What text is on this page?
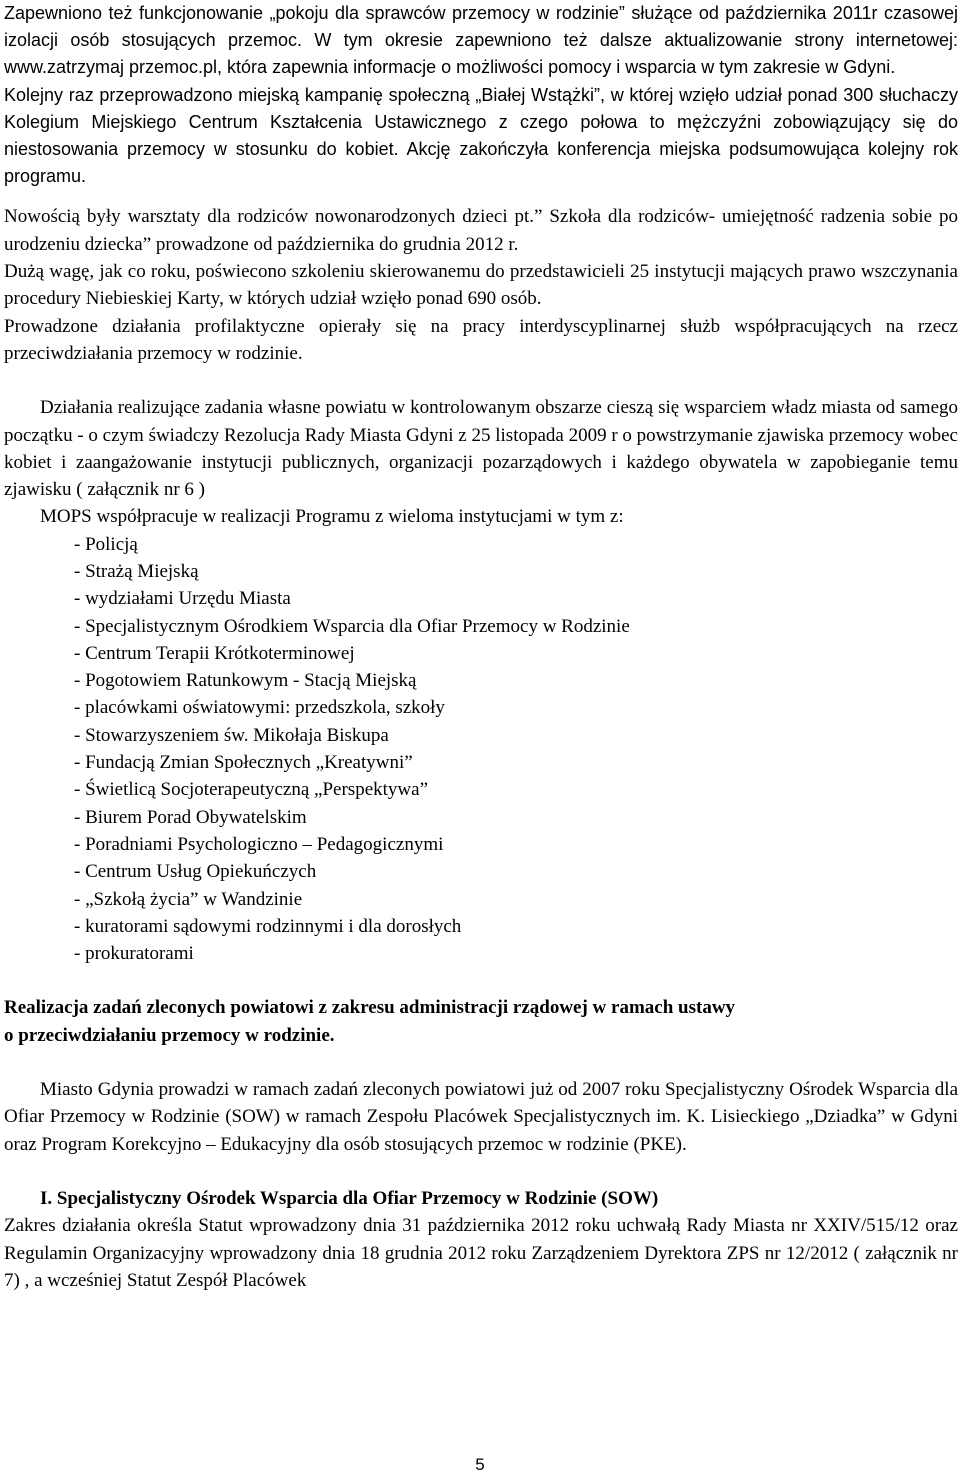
Zapewniono też funkcjonowanie „pokoju dla sprawców przemocy w rodzinie” służące od października 2011r czasowej izolacji osób stosujących przemoc. W tym okresie zapewniono też dalsze aktualizowanie strony internetowej: www.zatrzymaj przemoc.pl, która zapewnia informacje o możliwości pomocy i wsparcia w tym zakresie w Gdyni.

Kolejny raz przeprowadzono miejską kampanię społeczną „Białej Wstążki”, w której wzięło udział ponad 300 słuchaczy Kolegium Miejskiego Centrum Kształcenia Ustawicznego z czego połowa to mężczyźni zobowiązujący się do niestosowania przemocy w stosunku do kobiet. Akcję zakończyła konferencja miejska podsumowująca kolejny rok programu.

Nowością były warsztaty dla rodziców nowonarodzonych dzieci pt.” Szkoła dla rodziców- umiejętność radzenia sobie po urodzeniu dziecka” prowadzone od października do grudnia 2012 r.

Dużą wagę, jak co roku, poświecono szkoleniu skierowanemu do przedstawicieli 25 instytucji mających prawo wszczynania procedury Niebieskiej Karty, w których udział wzięło ponad 690 osób.

Prowadzone działania profilaktyczne opierały się na pracy interdyscyplinarnej służb współpracujących na rzecz przeciwdziałania przemocy w rodzinie.

Działania realizujące zadania własne powiatu w kontrolowanym obszarze cieszą się wsparciem władz miasta od samego początku - o czym świadczy Rezolucja Rady Miasta Gdyni z 25 listopada 2009 r o powstrzymanie zjawiska przemocy wobec kobiet i zaangażowanie instytucji publicznych, organizacji pozarządowych i każdego obywatela w zapobieganie temu zjawisku ( załącznik nr 6 )

MOPS współpracuje w realizacji Programu z wieloma instytucjami w tym z:

- Policją
- Strażą Miejską
- wydziałami Urzędu Miasta
- Specjalistycznym Ośrodkiem Wsparcia dla Ofiar Przemocy w Rodzinie
- Centrum Terapii Krótkoterminowej
- Pogotowiem Ratunkowym - Stacją Miejską
- placówkami oświatowymi: przedszkola, szkoły
- Stowarzyszeniem św. Mikołaja Biskupa
- Fundacją Zmian Społecznych „Kreatywni”
- Świetlicą Socjoterapeutyczną „Perspektywa”
- Biurem Porad Obywatelskim
- Poradniami Psychologiczno – Pedagogicznymi
- Centrum Usług Opiekuńczych
- „Szkołą życia” w Wandzinie
- kuratorami sądowymi rodzinnymi i dla dorosłych
- prokuratorami

Realizacja zadań zleconych powiatowi z zakresu administracji rządowej w ramach ustawy
o przeciwdziałaniu przemocy w rodzinie.

Miasto Gdynia prowadzi w ramach zadań zleconych powiatowi już od 2007 roku Specjalistyczny Ośrodek Wsparcia dla Ofiar Przemocy w Rodzinie (SOW) w ramach Zespołu Placówek Specjalistycznych im. K. Lisieckiego „Dziadka” w Gdyni oraz Program Korekcyjno – Edukacyjny dla osób stosujących przemoc w rodzinie (PKE).

I. Specjalistyczny Ośrodek Wsparcia dla Ofiar Przemocy w Rodzinie (SOW)

Zakres działania określa Statut wprowadzony dnia 31 października 2012 roku uchwałą Rady Miasta nr XXIV/515/12 oraz Regulamin Organizacyjny wprowadzony dnia 18 grudnia 2012 roku Zarządzeniem Dyrektora ZPS nr 12/2012 ( załącznik nr 7) , a wcześniej Statut Zespół Placówek

5
